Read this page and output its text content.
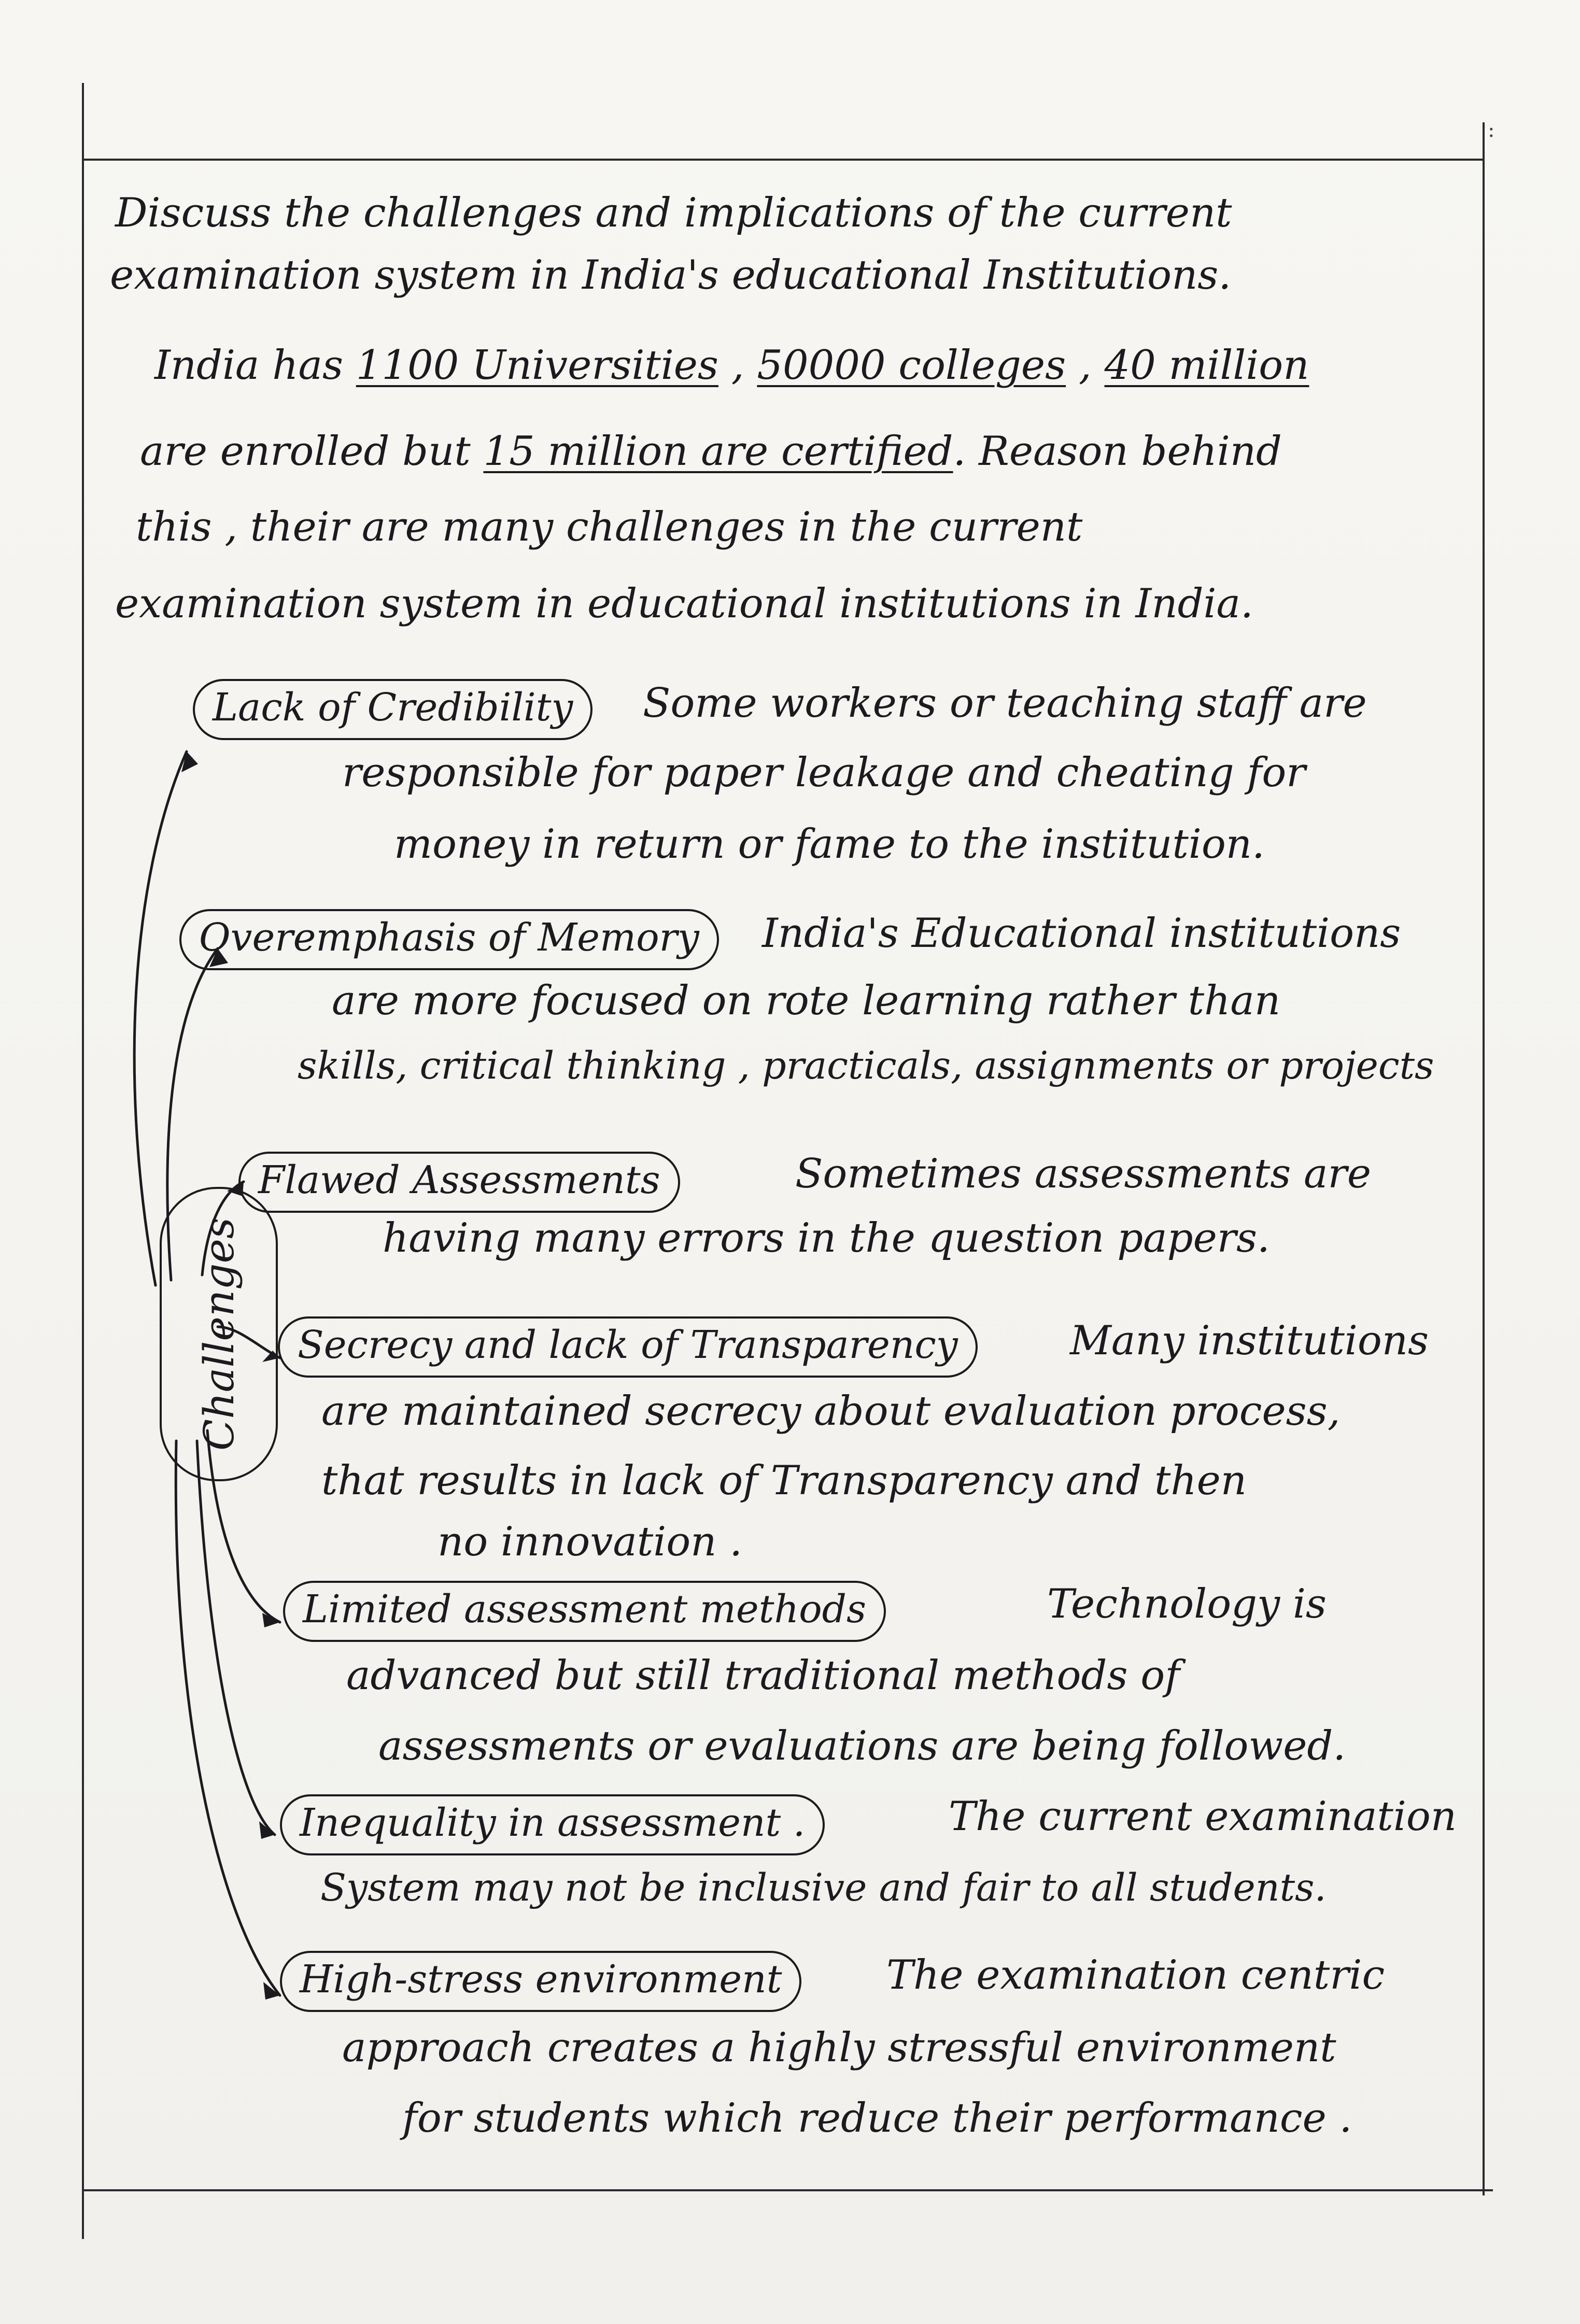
:
Discuss the challenges and implications of the current
examination system in India's educational Institutions.
India has 1100 Universities , 50000 colleges , 40 million
are enrolled but 15 million are certified. Reason behind
this , their are many challenges in the current
examination system in educational institutions in India.
Challenges
Lack of Credibility	Some workers or teaching staff are
responsible for paper leakage and cheating for
money in return or fame to the institution.
Overemphasis of Memory	India's Educational institutions
are more focused on rote learning rather than
skills, critical thinking , practicals, assignments or projects
Flawed Assessments	Sometimes assessments are
having many errors in the question papers.
Secrecy and lack of Transparency	Many institutions
are maintained secrecy about evaluation process,
that results in lack of Transparency and then
no innovation .
Limited assessment methods	Technology is
advanced but still traditional methods of
assessments or evaluations are being followed.
Inequality in assessment .	The current examination
System may not be inclusive and fair to all students.
High-stress environment	The examination centric
approach creates a highly stressful environment
for students which reduce their performance .
